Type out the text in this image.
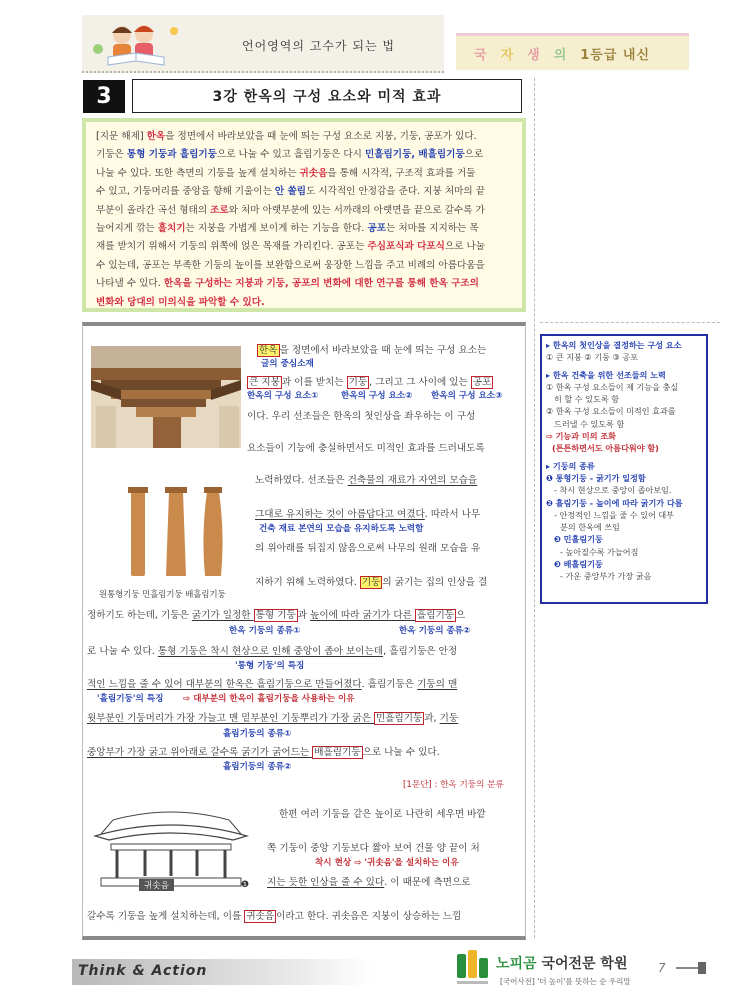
언어영역의 고수가 되는 법
국 자 생 의 1등급 내신
3	3강 한옥의 구성 요소와 미적 효과
[지문 해제] 한옥을 정면에서 바라보았을 때 눈에 띄는 구성 요소로 지붕, 기둥, 공포가 있다.
기둥은 통형 기둥과 흘림기둥으로 나눌 수 있고 흘림기둥은 다시 민흘림기둥, 배흘림기둥으로
나눌 수 있다. 또한 측면의 기둥을 높게 설치하는 귀솟음을 통해 시각적, 구조적 효과를 거둘
수 있고, 기둥머리를 중앙을 향해 기울이는 안 쏠림도 시각적인 안정감을 준다. 지붕 처마의 끝
부분이 올라간 곡선 형태의 조로와 처마 아랫부분에 있는 서까래의 아랫면을 끝으로 갈수록 가
늘어지게 깎는 흘치기는 지붕을 가볍게 보이게 하는 기능을 한다. 공포는 처마를 지지하는 목
재를 받치기 위해서 기둥의 위쪽에 얹은 목재를 가리킨다. 공포는 주심포식과 다포식으로 나눌
수 있는데, 공포는 부족한 기둥의 높이를 보완함으로써 웅장한 느낌을 주고 비례의 아름다움을
나타낼 수 있다. 한옥을 구성하는 지붕과 기둥, 공포의 변화에 대한 연구를 통해 한옥 구조의
변화와 당대의 미의식을 파악할 수 있다.
원통형기둥 민흘림기둥 배흘림기둥
귀솟음	❶
한옥 을 정면에서 바라보았을 때 눈에 띄는 구성 요소는
글의 중심소재
큰 지붕 과 이를 받치는 기둥 , 그리고 그 사이에 있는 공포
한옥의 구성 요소①	한옥의 구성 요소② 한옥의 구성 요소③
이다. 우리 선조들은 한옥의 첫인상을 좌우하는 이 구성
요소들이 기능에 충실하면서도 미적인 효과를 드러내도록
노력하였다. 선조들은 건축물의 재료가 자연의 모습을
그대로 유지하는 것이 아름답다고 여겼다. 따라서 나무
건축 재료 본연의 모습을 유지하도록 노력함
의 위아래를 뒤집지 않음으로써 나무의 원래 모습을 유
지하기 위해 노력하였다. 기둥 의 굵기는 집의 인상을 결
정하기도 하는데, 기둥은 굵기가 일정한 통형 기둥 과 높이에 따라 굵기가 다른 흘림기둥 으
한옥 기둥의 종류①	한옥 기둥의 종류②
로 나눌 수 있다. 통형 기둥은 착시 현상으로 인해 중앙이 좁아 보이는데, 흘림기둥은 안정
'통형 기둥'의 특징
적인 느낌을 줄 수 있어 대부분의 한옥은 흘림기둥으로 만들어졌다. 흘림기둥은 기둥의 맨
'흘림기둥'의 특징 ⇨ 대부분의 한옥이 흘림기둥을 사용하는 이유
윗부분인 기둥머리가 가장 가늘고 맨 밑부분인 기둥뿌리가 가장 굵은 민흘림기둥 과, 기둥
흘림기둥의 종류①
중앙부가 가장 굵고 위아래로 갈수록 굵기가 굵어드는 배흘림기둥 으로 나눌 수 있다.
흘림기둥의 종류②
[1문단] : 한옥 기둥의 분류
한편 여러 기둥을 같은 높이로 나란히 세우면 바깥
쪽 기둥이 중앙 기둥보다 짧아 보여 건물 양 끝이 처
착시 현상 ⇨ '귀솟음'을 설치하는 이유
지는 듯한 인상을 줄 수 있다. 이 때문에 측면으로
갈수록 기둥을 높게 설치하는데, 이를 귀솟음 이라고 한다. 귀솟음은 지붕이 상승하는 느낌
▸ 한옥의 첫인상을 결정하는 구성 요소
① 큰 지붕 ② 기둥 ③ 공포
▸ 한옥 건축을 위한 선조들의 노력
① 한옥 구성 요소들이 제 기능을 충실
히 할 수 있도록 함
② 한옥 구성 요소들이 미적인 효과를
드러낼 수 있도록 함
⇨ 기능과 미의 조화
(튼튼하면서도 아름다워야 함)
▸ 기둥의 종류
❶ 통형기둥 - 굵기가 일정함
- 착시 현상으로 중앙이 좁아보임.
❷ 흘림기둥 - 높이에 따라 굵기가 다름
- 안정적인 느낌을 줄 수 있어 대부
분의 한옥에 쓰임
❸ 민흘림기둥
- 높아질수록 가늘어짐
❸ 배흘림기둥
- 가운 중앙부가 가장 굵음
Think & Action	노피곰 국어전문 학원
[국어사전] '더 높이'를 뜻하는 순 우리말
7
